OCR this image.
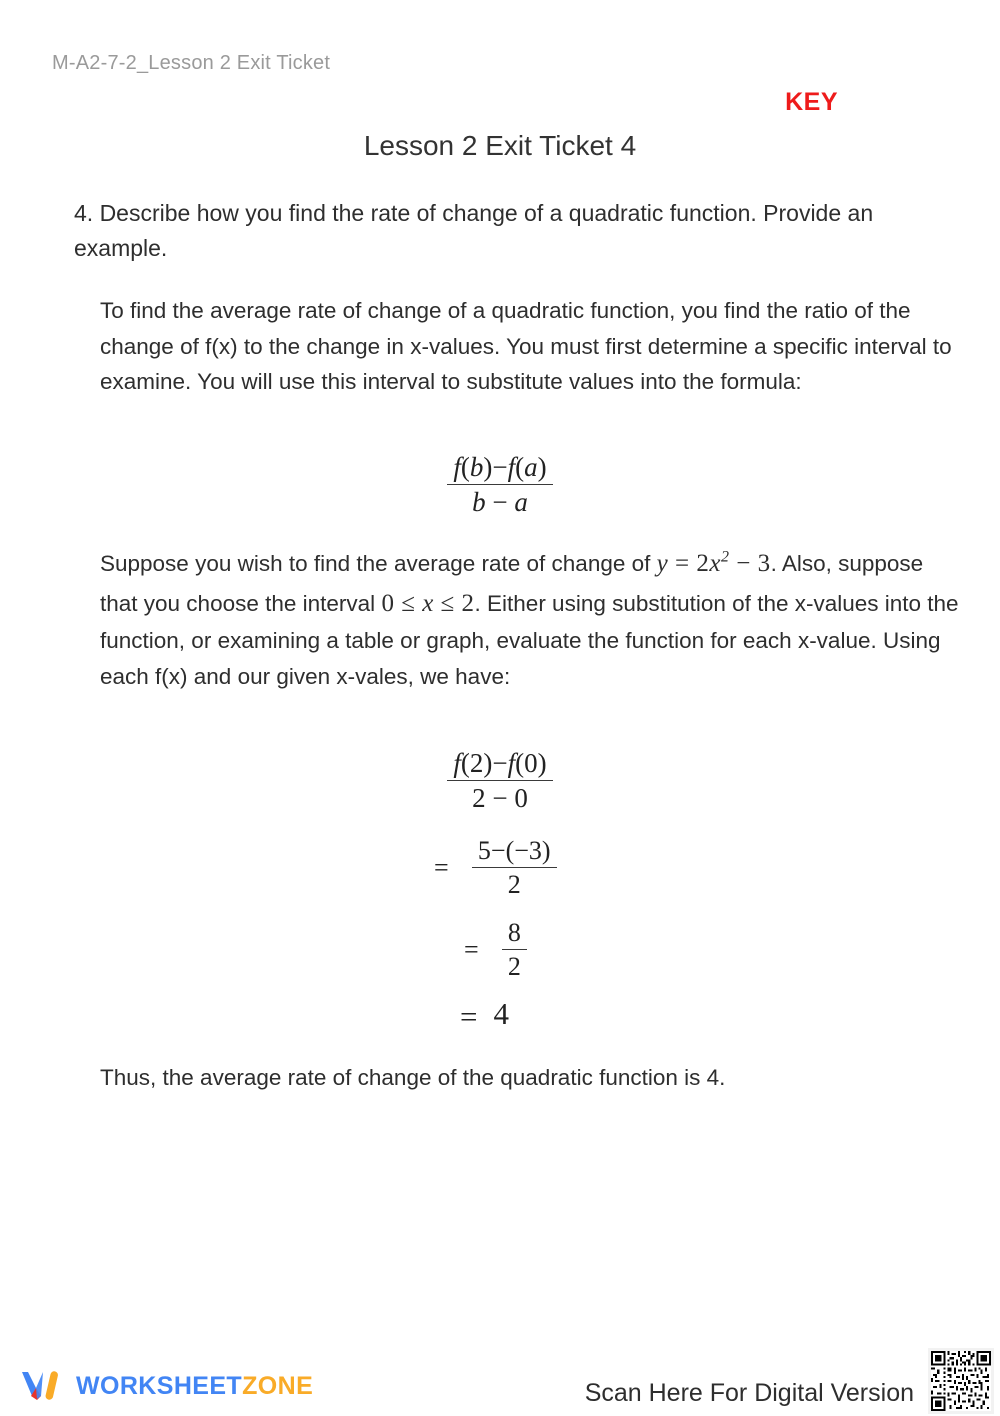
M-A2-7-2_Lesson 2 Exit Ticket
KEY
Lesson 2 Exit Ticket 4
4. Describe how you find the rate of change of a quadratic function. Provide an example.
To find the average rate of change of a quadratic function, you find the ratio of the change of f(x) to the change in x-values. You must first determine a specific interval to examine. You will use this interval to substitute values into the formula:
$\frac{f(b)-f(a)}{b - a}$
Suppose you wish to find the average rate of change of $y = 2x^2 - 3$. Also, suppose that you choose the interval 0 ≤ x ≤ 2. Either using substitution of the x-values into the function, or examining a table or graph, evaluate the function for each x-value. Using each f(x) and our given x-vales, we have:
$\frac{f(2)-f(0)}{2 - 0}$
= $\frac{5-(-3)}{2}$
= $\frac{8}{2}$
= 4
Thus, the average rate of change of the quadratic function is 4.
WORKSHEETZONE	Scan Here For Digital Version
